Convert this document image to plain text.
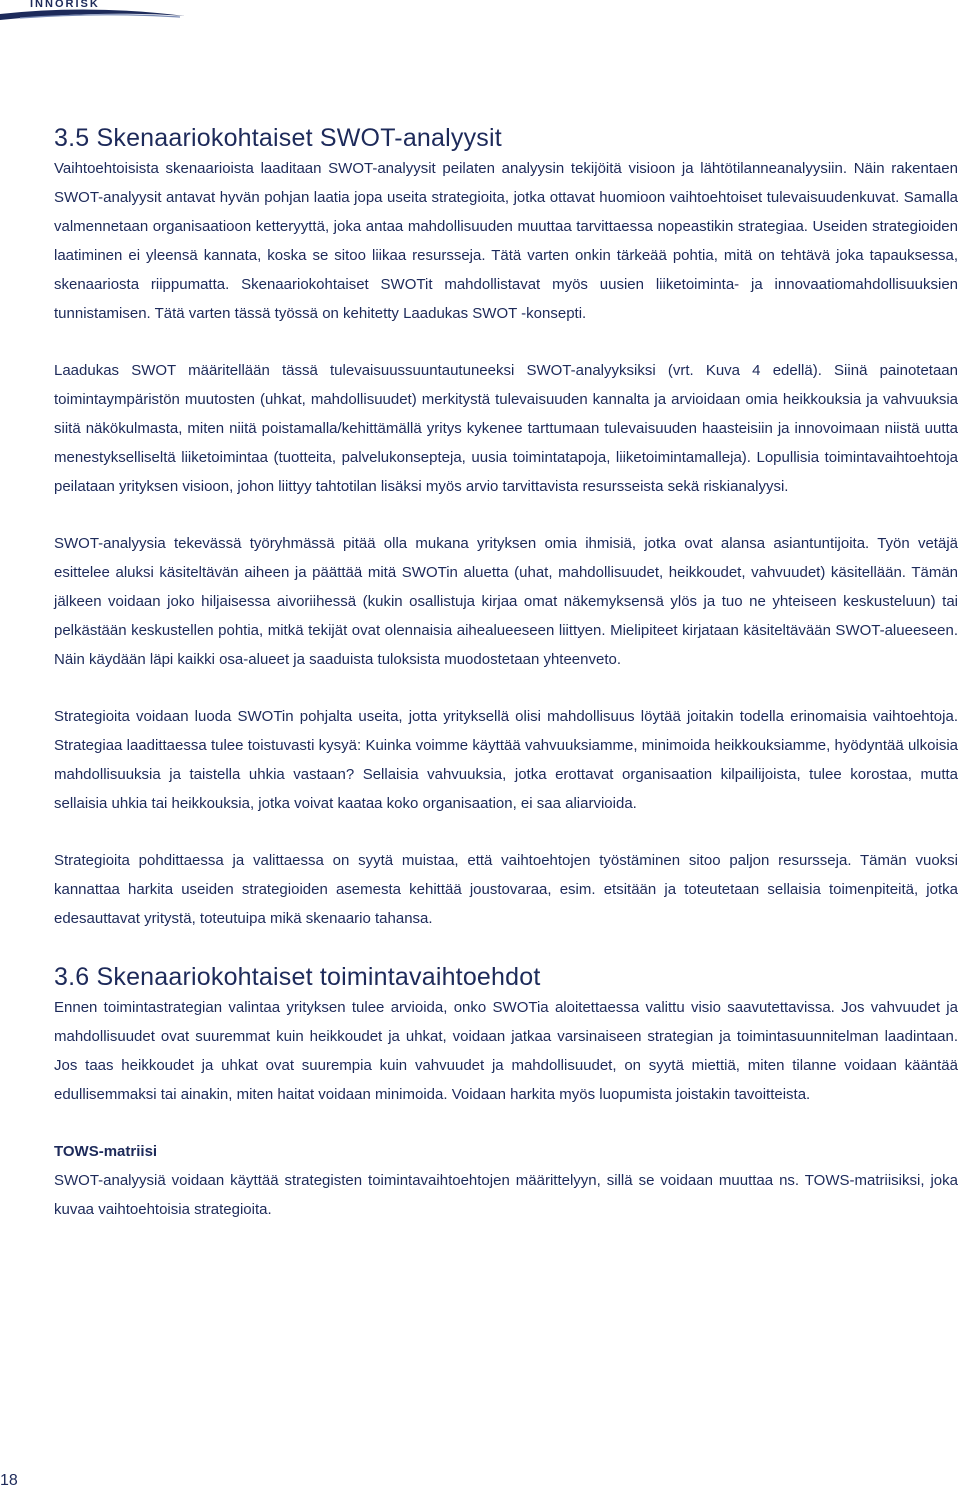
INNORISK
3.5 Skenaariokohtaiset SWOT-analyysit

Vaihtoehtoisista skenaarioista laaditaan SWOT-analyysit peilaten analyysin tekijöitä visioon ja lähtötilanneanalyysiin. Näin rakentaen SWOT-analyysit antavat hyvän pohjan laatia jopa useita strategioita, jotka ottavat huomioon vaihtoehtoiset tulevaisuudenkuvat. Samalla valmennetaan organisaatioon ketteryyttä, joka antaa mahdollisuuden muuttaa tarvittaessa nopeastikin strategiaa. Useiden strategioiden laatiminen ei yleensä kannata, koska se sitoo liikaa resursseja. Tätä varten onkin tärkeää pohtia, mitä on tehtävä joka tapauksessa, skenaariosta riippumatta. Skenaariokohtaiset SWOTit mahdollistavat myös uusien liiketoiminta- ja innovaatiomahdollisuuksien tunnistamisen. Tätä varten tässä työssä on kehitetty Laadukas SWOT -konsepti.

Laadukas SWOT määritellään tässä tulevaisuussuuntautuneeksi SWOT-analyyksiksi (vrt. Kuva 4 edellä). Siinä painotetaan toimintaympäristön muutosten (uhkat, mahdollisuudet) merkitystä tulevaisuuden kannalta ja arvioidaan omia heikkouksia ja vahvuuksia siitä näkökulmasta, miten niitä poistamalla/kehittämällä yritys kykenee tarttumaan tulevaisuuden haasteisiin ja innovoimaan niistä uutta menestykselliseltä liiketoimintaa (tuotteita, palvelukonsepteja, uusia toimintatapoja, liiketoimintamalleja). Lopullisia toimintavaihtoehtoja peilataan yrityksen visioon, johon liittyy tahtotilan lisäksi myös arvio tarvittavista resursseista sekä riskianalyysi.

SWOT-analyysia tekevässä työryhmässä pitää olla mukana yrityksen omia ihmisiä, jotka ovat alansa asiantuntijoita. Työn vetäjä esittelee aluksi käsiteltävän aiheen ja päättää mitä SWOTin aluetta (uhat, mahdollisuudet, heikkoudet, vahvuudet) käsitellään. Tämän jälkeen voidaan joko hiljaisessa aivoriihessä (kukin osallistuja kirjaa omat näkemyksensä ylös ja tuo ne yhteiseen keskusteluun) tai pelkästään keskustellen pohtia, mitkä tekijät ovat olennaisia aihealueeseen liittyen. Mielipiteet kirjataan käsiteltävään SWOT-alueeseen. Näin käydään läpi kaikki osa-alueet ja saaduista tuloksista muodostetaan yhteenveto.

Strategioita voidaan luoda SWOTin pohjalta useita, jotta yrityksellä olisi mahdollisuus löytää joitakin todella erinomaisia vaihtoehtoja. Strategiaa laadittaessa tulee toistuvasti kysyä: Kuinka voimme käyttää vahvuuksiamme, minimoida heikkouksiamme, hyödyntää ulkoisia mahdollisuuksia ja taistella uhkia vastaan? Sellaisia vahvuuksia, jotka erottavat organisaation kilpailijoista, tulee korostaa, mutta sellaisia uhkia tai heikkouksia, jotka voivat kaataa koko organisaation, ei saa aliarvioida.

Strategioita pohdittaessa ja valittaessa on syytä muistaa, että vaihtoehtojen työstäminen sitoo paljon resursseja. Tämän vuoksi kannattaa harkita useiden strategioiden asemesta kehittää joustovaraa, esim. etsitään ja toteutetaan sellaisia toimenpiteitä, jotka edesauttavat yritystä, toteutuipa mikä skenaario tahansa.

3.6 Skenaariokohtaiset toimintavaihtoehdot

Ennen toimintastrategian valintaa yrityksen tulee arvioida, onko SWOTia aloitettaessa valittu visio saavutettavissa. Jos vahvuudet ja mahdollisuudet ovat suuremmat kuin heikkoudet ja uhkat, voidaan jatkaa varsinaiseen strategian ja toimintasuunnitelman laadintaan. Jos taas heikkoudet ja uhkat ovat suurempia kuin vahvuudet ja mahdollisuudet, on syytä miettiä, miten tilanne voidaan kääntää edullisemmaksi tai ainakin, miten haitat voidaan minimoida. Voidaan harkita myös luopumista joistakin tavoitteista.

TOWS-matriisi

SWOT-analyysiä voidaan käyttää strategisten toimintavaihtoehtojen määrittelyyn, sillä se voidaan muuttaa ns. TOWS-matriisiksi, joka kuvaa vaihtoehtoisia strategioita.

18
